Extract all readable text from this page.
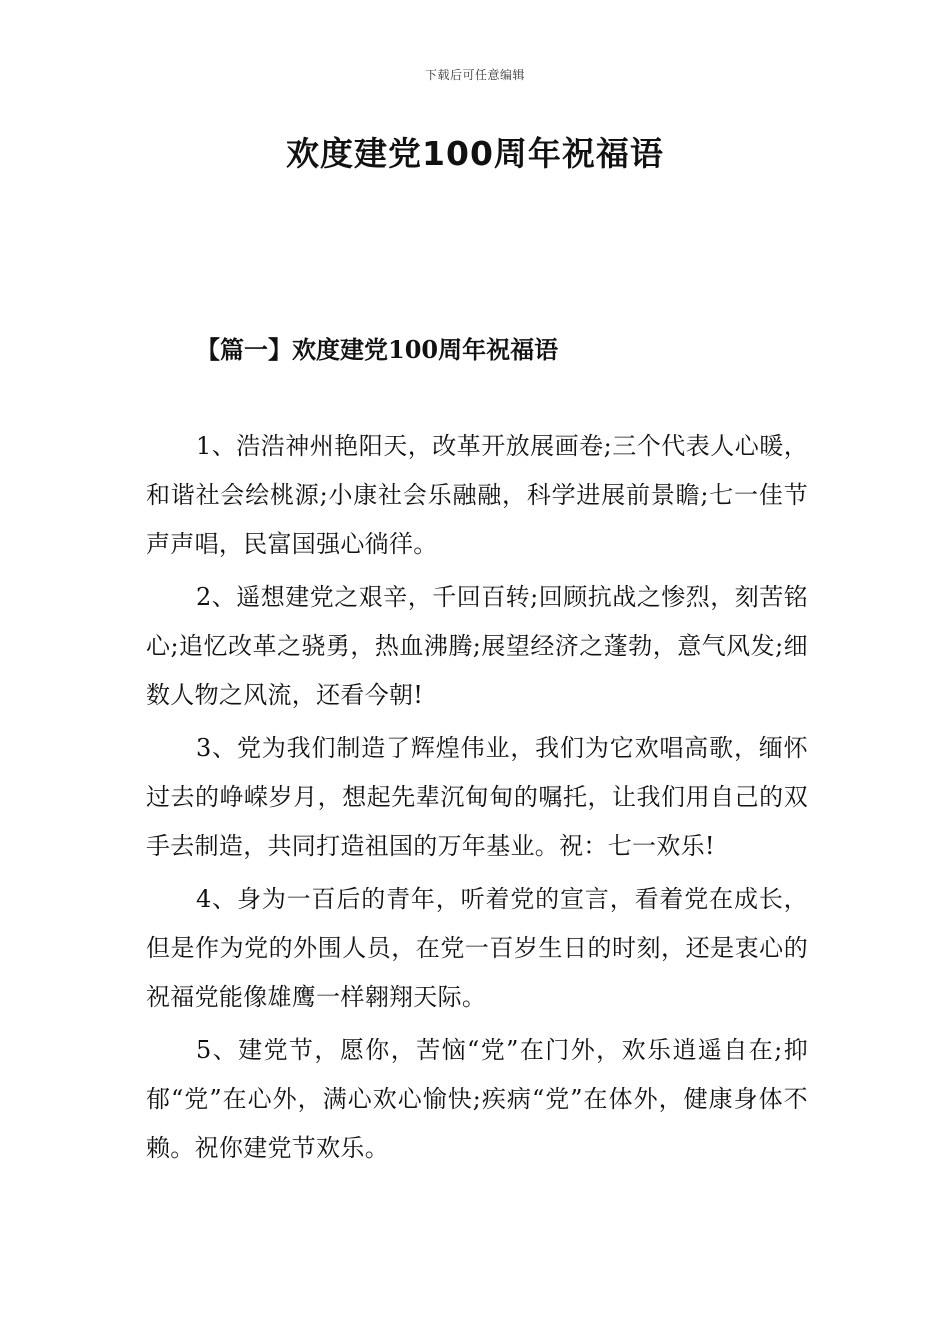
下载后可任意编辑
欢度建党100周年祝福语
【篇一】欢度建党100周年祝福语

1、浩浩神州艳阳天，改革开放展画卷;三个代表人心暖，和谐社会绘桃源;小康社会乐融融，科学进展前景瞻;七一佳节声声唱，民富国强心徜徉。

2、遥想建党之艰辛，千回百转;回顾抗战之惨烈，刻苦铭心;追忆改革之骁勇，热血沸腾;展望经济之蓬勃，意气风发;细数人物之风流，还看今朝!

3、党为我们制造了辉煌伟业，我们为它欢唱高歌，缅怀过去的峥嵘岁月，想起先辈沉甸甸的嘱托，让我们用自己的双手去制造，共同打造祖国的万年基业。祝：七一欢乐!

4、身为一百后的青年，听着党的宣言，看着党在成长，但是作为党的外围人员，在党一百岁生日的时刻，还是衷心的祝福党能像雄鹰一样翱翔天际。

5、建党节，愿你，苦恼“党”在门外，欢乐逍遥自在;抑郁“党”在心外，满心欢心愉快;疾病“党”在体外，健康身体不赖。祝你建党节欢乐。
